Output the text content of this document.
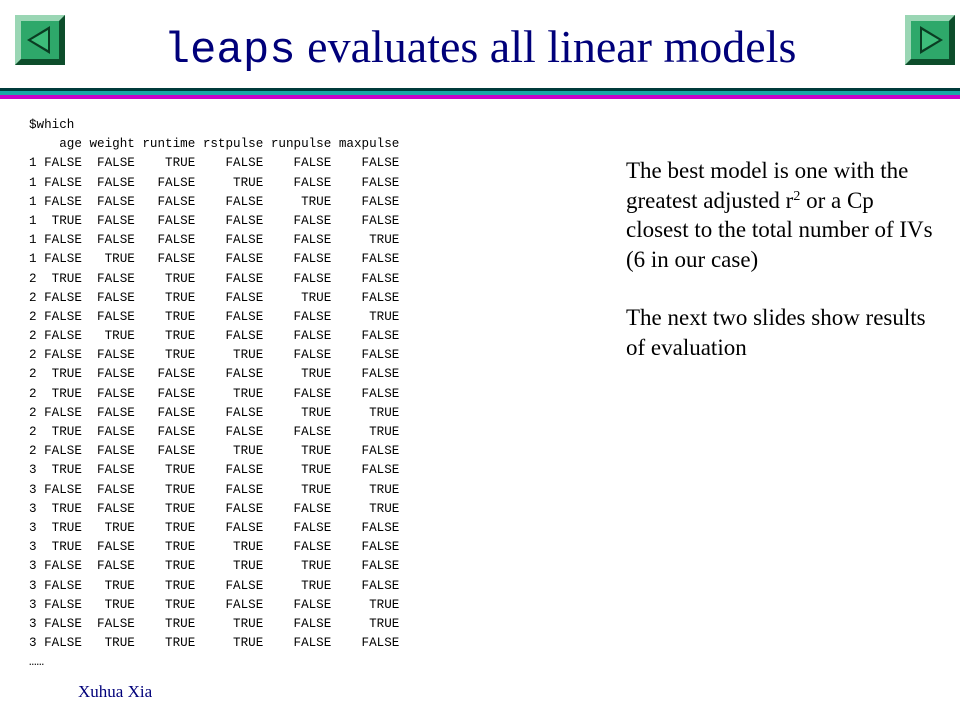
leaps evaluates all linear models
$which
age weight runtime rstpulse runpulse maxpulse
1 FALSE  FALSE    TRUE    FALSE    FALSE    FALSE
1 FALSE  FALSE   FALSE     TRUE    FALSE    FALSE
1 FALSE  FALSE   FALSE    FALSE     TRUE    FALSE
1  TRUE  FALSE   FALSE    FALSE    FALSE    FALSE
1 FALSE  FALSE   FALSE    FALSE    FALSE     TRUE
1 FALSE   TRUE   FALSE    FALSE    FALSE    FALSE
2  TRUE  FALSE    TRUE    FALSE    FALSE    FALSE
2 FALSE  FALSE    TRUE    FALSE     TRUE    FALSE
2 FALSE  FALSE    TRUE    FALSE    FALSE     TRUE
2 FALSE   TRUE    TRUE    FALSE    FALSE    FALSE
2 FALSE  FALSE    TRUE     TRUE    FALSE    FALSE
2  TRUE  FALSE   FALSE    FALSE     TRUE    FALSE
2  TRUE  FALSE   FALSE     TRUE    FALSE    FALSE
2 FALSE  FALSE   FALSE    FALSE     TRUE     TRUE
2  TRUE  FALSE   FALSE    FALSE    FALSE     TRUE
2 FALSE  FALSE   FALSE     TRUE     TRUE    FALSE
3  TRUE  FALSE    TRUE    FALSE     TRUE    FALSE
3 FALSE  FALSE    TRUE    FALSE     TRUE     TRUE
3  TRUE  FALSE    TRUE    FALSE    FALSE     TRUE
3  TRUE   TRUE    TRUE    FALSE    FALSE    FALSE
3  TRUE  FALSE    TRUE     TRUE    FALSE    FALSE
3 FALSE  FALSE    TRUE     TRUE     TRUE    FALSE
3 FALSE   TRUE    TRUE    FALSE     TRUE    FALSE
3 FALSE   TRUE    TRUE    FALSE    FALSE     TRUE
3 FALSE  FALSE    TRUE     TRUE    FALSE     TRUE
3 FALSE   TRUE    TRUE     TRUE    FALSE    FALSE
……

The best model is one with the greatest adjusted $r^2$ or a Cp closest to the total number of IVs (6 in our case)

The next two slides show results of evaluation

Xuhua Xia
